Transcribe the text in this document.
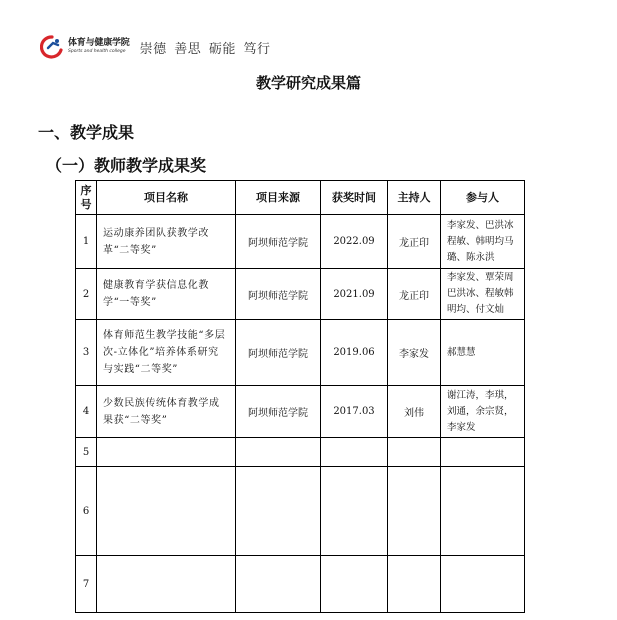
体育与健康学院
Sports and health college	崇德 善思 砺能 笃行
教学研究成果篇
一、教学成果
（一）教师教学成果奖
序号	项目名称	项目来源	获奖时间	主持人	参与人
1	运动康养团队获教学改革“二等奖”	阿坝师范学院	2022.09	龙正印	李家发、巴洪冰程敏、韩明均马璐、陈永洪
2	健康教育学获信息化教学“一等奖”	阿坝师范学院	2021.09	龙正印	李家发、覃荣周巴洪冰、程敏韩明均、付文灿
3	体育师范生教学技能“多层次-立体化”培养体系研究与实践“二等奖”	阿坝师范学院	2019.06	李家发	郝慧慧
4	少数民族传统体育教学成果获“二等奖”	阿坝师范学院	2017.03	刘伟	谢江涛，李琪，刘通，余宗贤，李家发
5					
6					
7					
